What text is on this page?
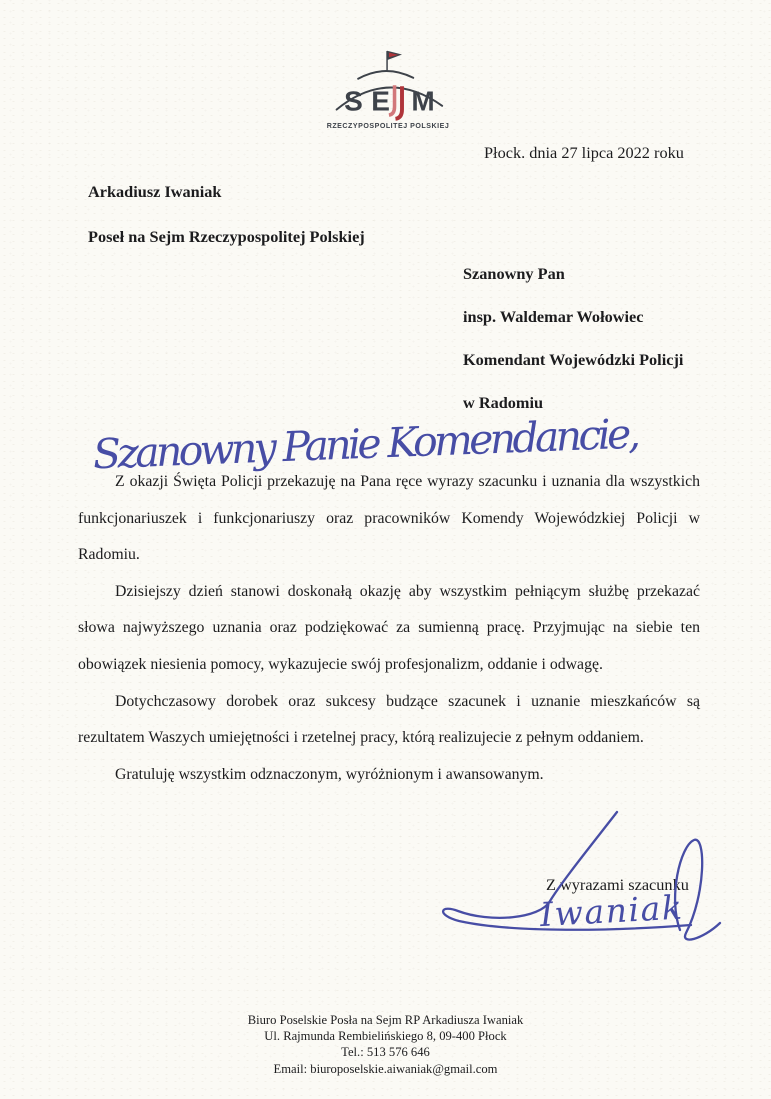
S E M
RZECZYPOSPOLITEJ POLSKIEJ
Płock. dnia 27 lipca 2022 roku
Arkadiusz Iwaniak
Poseł na Sejm Rzeczypospolitej Polskiej
Szanowny Pan
insp. Waldemar Wołowiec
Komendant Wojewódzki Policji
w Radomiu
Szanowny Panie Komendancie,

Z okazji Święta Policji przekazuję na Pana ręce wyrazy szacunku i uznania dla wszystkich funkcjonariuszek i funkcjonariuszy oraz pracowników Komendy Wojewódzkiej Policji w Radomiu.

Dzisiejszy dzień stanowi doskonałą okazję aby wszystkim pełniącym służbę przekazać słowa najwyższego uznania oraz podziękować za sumienną pracę. Przyjmując na siebie ten obowiązek niesienia pomocy, wykazujecie swój profesjonalizm, oddanie i odwagę.

Dotychczasowy dorobek oraz sukcesy budzące szacunek i uznanie mieszkańców są rezultatem Waszych umiejętności i rzetelnej pracy, którą realizujecie z pełnym oddaniem.

Gratuluję wszystkim odznaczonym, wyróżnionym i awansowanym.

Z wyrazami szacunku
Iwaniak
Biuro Poselskie Posła na Sejm RP Arkadiusza Iwaniak
Ul. Rajmunda Rembielińskiego 8, 09-400 Płock
Tel.: 513 576 646
Email: biuroposelskie.aiwaniak@gmail.com
